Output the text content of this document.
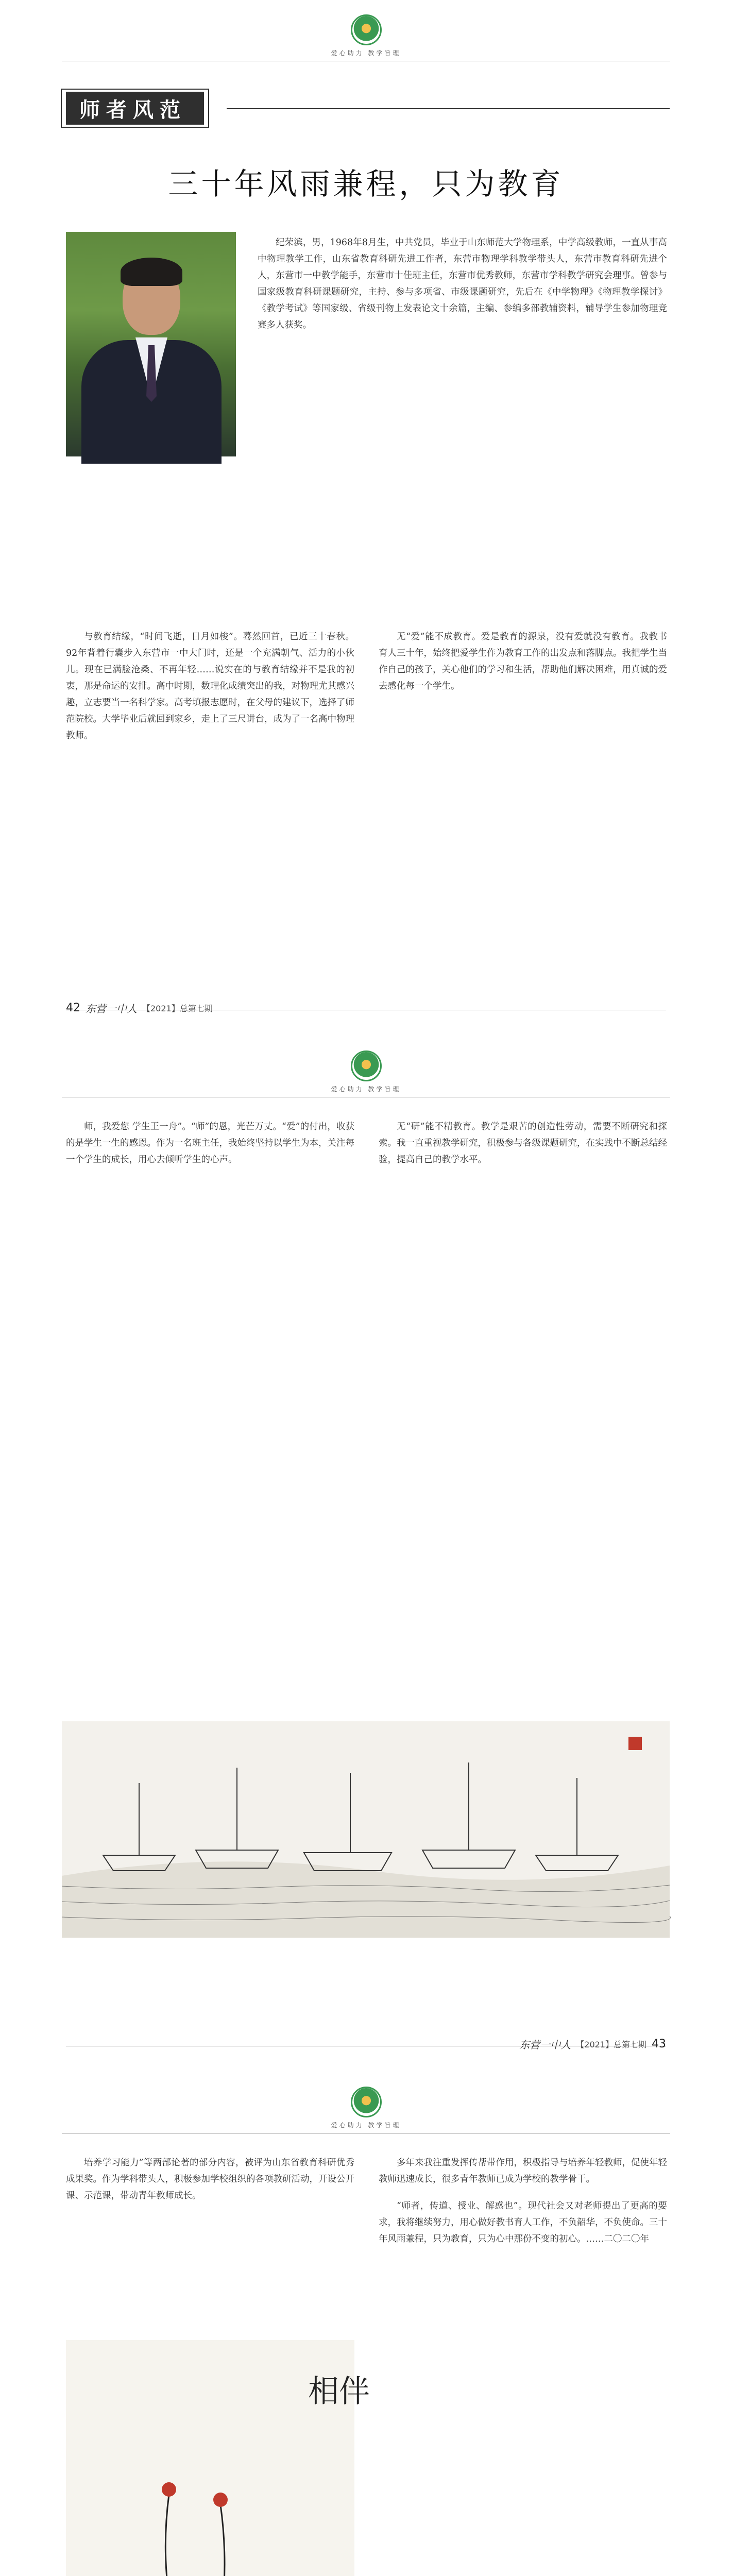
爱心助力 教学旨理
师者风范
三十年风雨兼程，只为教育

纪荣滨，男，1968年8月生，中共党员，毕业于山东师范大学物理系，中学高级教师，一直从事高中物理教学工作，山东省教育科研先进工作者，东营市物理学科教学带头人，东营市教育科研先进个人，东营市一中教学能手，东营市十佳班主任，东营市优秀教师，东营市学科教学研究会理事。曾参与国家级教育科研课题研究，主持、参与多项省、市级课题研究，先后在《中学物理》《物理教学探讨》《教学考试》等国家级、省级刊物上发表论文十余篇，主编、参编多部教辅资料，辅导学生参加物理竞赛多人获奖。

与教育结缘，“时间飞逝，日月如梭”。蓦然回首，已近三十春秋。92年背着行囊步入东营市一中大门时，还是一个充满朝气、活力的小伙儿。现在已满脸沧桑、不再年轻……说实在的与教育结缘并不是我的初衷，那是命运的安排。高中时期，数理化成绩突出的我，对物理尤其感兴趣，立志要当一名科学家。高考填报志愿时，在父母的建议下，选择了师范院校。大学毕业后就回到家乡，走上了三尺讲台，成为了一名高中物理教师。

无“爱”能不成教育。爱是教育的源泉，没有爱就没有教育。我教书育人三十年，始终把爱学生作为教育工作的出发点和落脚点。我把学生当作自己的孩子，关心他们的学习和生活，帮助他们解决困难，用真诚的爱去感化每一个学生。

42 东营一中人 【2021】总第七期
爱心助力 教学旨理

师，我爱您 学生王一舟”。“师”的恩，光芒万丈。“爱”的付出，收获的是学生一生的感恩。作为一名班主任，我始终坚持以学生为本，关注每一个学生的成长，用心去倾听学生的心声。

无“研”能不精教育。教学是艰苦的创造性劳动，需要不断研究和探索。我一直重视教学研究，积极参与各级课题研究，在实践中不断总结经验，提高自己的教学水平。

东营一中人 【2021】总第七期 43
爱心助力 教学旨理

培养学习能力”等两部论著的部分内容，被评为山东省教育科研优秀成果奖。作为学科带头人，积极参加学校组织的各项教研活动，开设公开课、示范课，带动青年教师成长。

多年来我注重发挥传帮带作用，积极指导与培养年轻教师，促使年轻教师迅速成长，很多青年教师已成为学校的教学骨干。

“师者，传道、授业、解惑也”。现代社会又对老师提出了更高的要求，我将继续努力，用心做好教书育人工作，不负韶华，不负使命。三十年风雨兼程，只为教育，只为心中那份不变的初心。……二〇二〇年

相伴
